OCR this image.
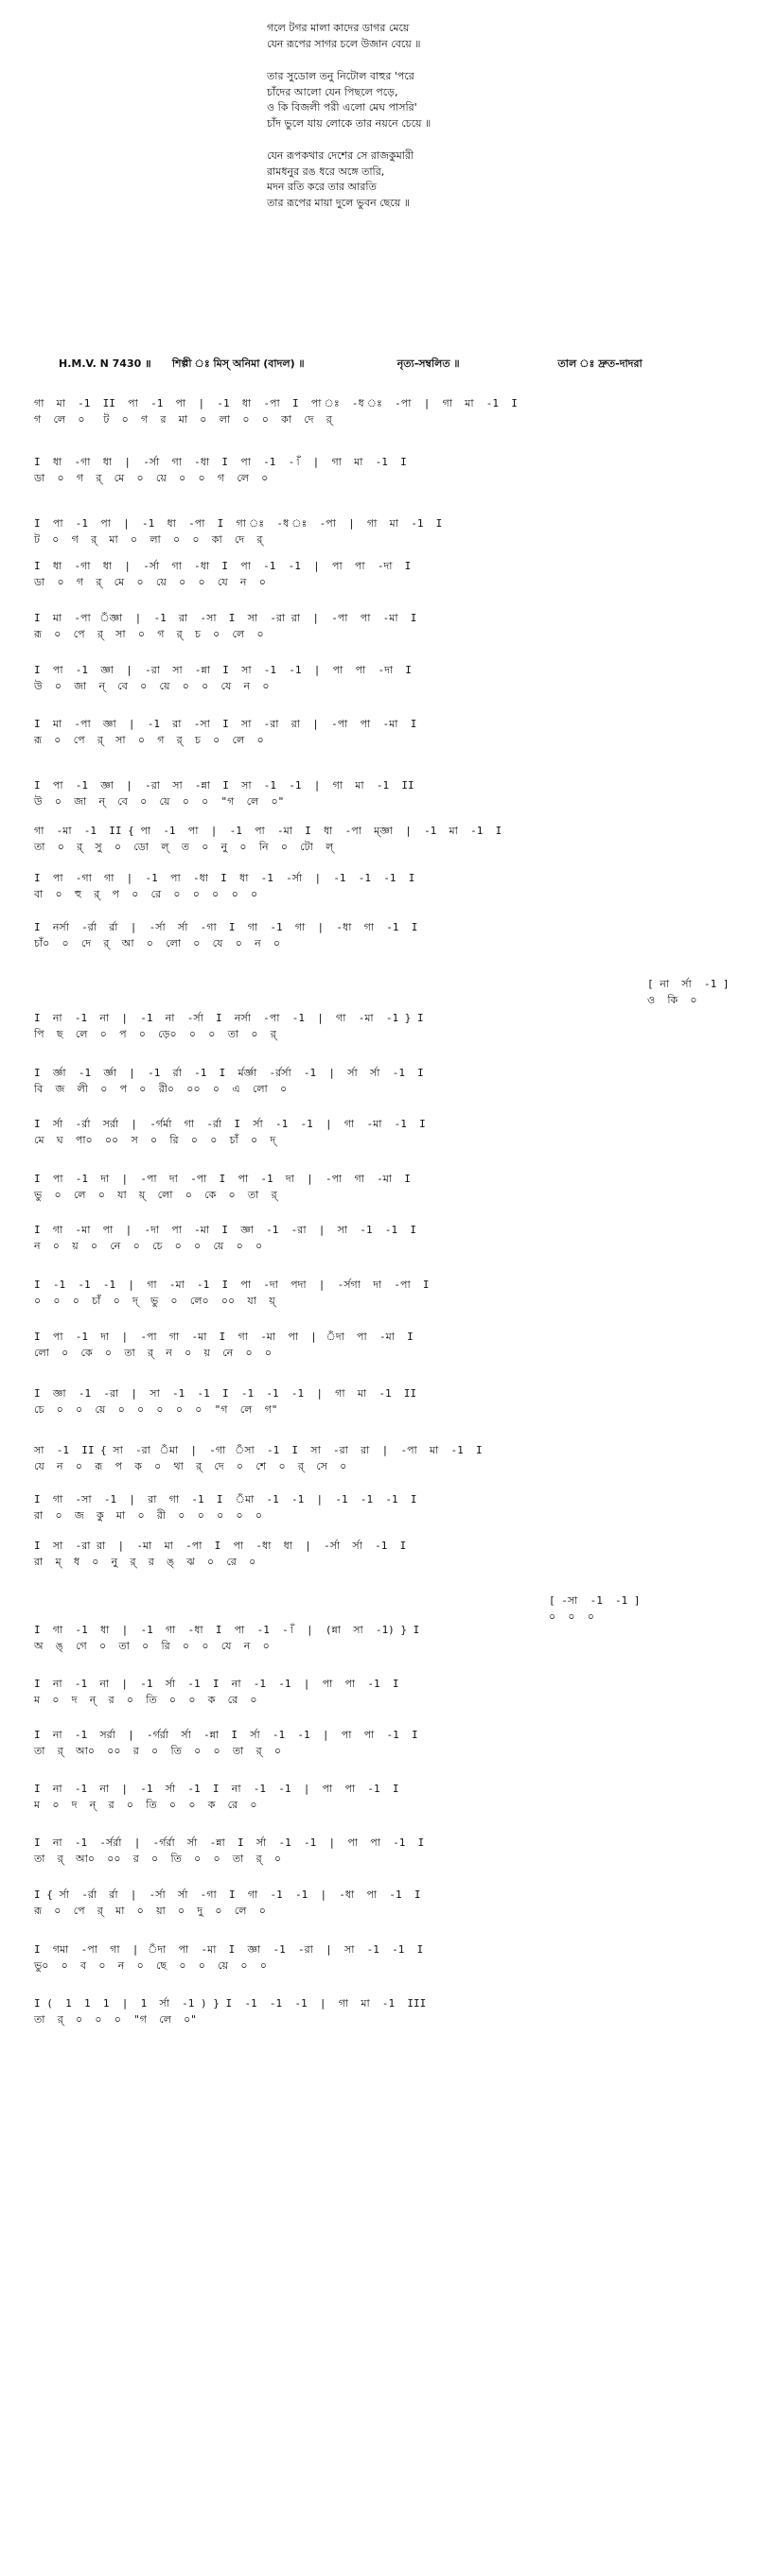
গলে টগর মালা কাদের ডাগর মেয়ে
যেন রূপের সাগর চলে উজান বেয়ে ॥
তার সুডোল তনু নিটোল বাহুর 'পরে
চাঁদের আলো যেন পিছলে পড়ে,
ও কি বিজলী পরী এলো মেঘ পাসরি'
চাঁদ ভুলে যায় লোকে তার নয়নে চেয়ে ॥
যেন রূপকথার দেশের সে রাজকুমারী
রামধনুর রঙ ধরে অঙ্গে তারি,
মদন রতি করে তার আরতি
তার রূপের মায়া দুলে ভুবন ছেয়ে ॥
H.M.V. N 7430 ॥ শিল্পী ঃ মিস্ অনিমা (বাদল) ॥	নৃত্য-সম্বলিত ॥	তাল ঃ দ্রুত-দাদরা
গা  মা  -1  II  পা  -1  পা  |  -1  ধা  -পা  I  পা ঃ  -ধ ঃ  -পা  |  গা  মা  -1  I
গ  লে  ০   ট  ০  গ  র  মা  ০  লা  ০  ০  কা  দে  র্
I  ধা  -গা  ধা  |  -র্সা  গা  -ধা  I  পা  -1  -1ঁ  |  গা  মা  -1  I
ডা  ০  গ  র্  মে  ০  য়ে  ০  ০  গ  লে  ০
I  পা  -1  পা  |  -1  ধা  -পা  I  গা ঃ  -ধ ঃ  -পা  |  গা  মা  -1  I
ট  ০  গ  র্  মা  ০  লা  ০  ০  কা  দে  র্
I  ধা  -গা  ধা  |  -র্সা  গা  -ধা  I  পা  -1  -1  |  পা  পা  -দা  I
ডা  ০  গ  র্  মে  ০  য়ে  ০  ০  যে  ন  ০
I  মা  -পা  ঁজ্ঞা  |  -1  রা  -সা  I  সা  -রা রা  |  -পা  পা  -মা  I
রূ  ০  পে  র্  সা  ০  গ  র্  চ  ০  লে  ০
I  পা  -1  জ্ঞা  |  -রা  সা  -ন্না  I  সা  -1  -1  |  পা  পা  -দা  I
উ  ০  জা  ন্  বে  ০  য়ে  ০  ০  যে  ন  ০
I  মা  -পা  জ্ঞা  |  -1  রা  -সা  I  সা  -রা  রা  |  -পা  পা  -মা  I
রূ  ০  পে  র্  সা  ০  গ  র্  চ  ০  লে  ০
I  পা  -1  জ্ঞা  |  -রা  সা  -ন্না  I  সা  -1  -1  |  গা  মা  -1  II
উ  ০  জা  ন্  বে  ০  য়ে  ০  ০  "গ  লে  ০"
গা  -মা  -1  II { পা  -1  পা  |  -1  পা  -মা  I  ধা  -পা  ম্জ্ঞা  |  -1  মা  -1  I
তা  ০  র্  সু  ০  ডো  ল্  ত  ০  নু  ০  নি  ০  টো  ল্
I  পা  -গা  গা  |  -1  পা  -ধা  I  ধা  -1  -র্সা  |  -1  -1  -1  I
বা  ০  হু  র্  প  ০  রে  ০  ০  ০  ০  ০
I  নর্সা  -র্রা  র্রা  |  -র্সা  র্সা  -গা  I  গা  -1  গা  |  -ধা  গা  -1  I
চাঁ০  ০  দে  র্  আ  ০  লো  ০  যে  ০  ন  ০
[ না  র্সা  -1 ]
ও  কি  ০
I  না  -1  না  |  -1  না  -র্সা  I  নর্সা  -পা  -1  |  গা  -মা  -1 } I
পি  ছ  লে  ০  প  ০  ড়ে০  ০  ০  তা  ০  র্
I  র্জ্ঞা  -1  র্জ্ঞা  |  -1  র্রা  -1  I  র্মর্জ্ঞা  -র্রর্সা  -1  |  র্সা  র্সা  -1  I
বি  জ  লী  ০  প  ০  রী০  ০০  ০  এ  লো  ০
I  র্সা  -র্রা  সর্রা  |  -র্গর্মা  গা  -র্রা  I  র্সা  -1  -1  |  গা  -মা  -1  I
মে  ঘ  পা০  ০০  স  ০  রি  ০  ০  চাঁ  ০  দ্
I  পা  -1  দা  |  -পা  দা  -পা  I  পা  -1  দা  |  -পা  গা  -মা  I
ভু  ০  লে  ০  যা  য়্  লো  ০  কে  ০  তা  র্
I  গা  -মা  পা  |  -দা  পা  -মা  I  জ্ঞা  -1  -রা  |  সা  -1  -1  I
ন  ০  য়  ০  নে  ০  চে  ০  ০  য়ে  ০  ০
I  -1  -1  -1  |  গা  -মা  -1  I  পা  -দা  পদা  |  -র্সগা  দা  -পা  I
০  ০  ০  চাঁ  ০  দ্  ভু  ০  লে০  ০০  যা  য়্
I  পা  -1  দা  |  -পা  গা  -মা  I  গা  -মা  পা  |  ঁদা  পা  -মা  I
লো  ০  কে  ০  তা  র্  ন  ০  য়  নে  ০  ০
I  জ্ঞা  -1  -রা  |  সা  -1  -1  I  -1  -1  -1  |  গা  মা  -1  II
চে  ০  ০  য়ে  ০  ০  ০  ০  ০  "গ  লে  গ"
সা  -1  II { সা  -রা  ঁমা  |  -গা  ঁসা  -1  I  সা  -রা  রা  |  -পা  মা  -1  I
যে  ন  ০  রূ  প  ক  ০  থা  র্  দে  ০  শে  ০  র্  সে  ০
I  গা  -সা  -1  |  রা  গা  -1  I  ঁমা  -1  -1  |  -1  -1  -1  I
রা  ০  জ  কু  মা  ০  রী  ০  ০  ০  ০  ০
I  সা  -রা রা  |  -মা  মা  -পা  I  পা  -ধা  ধা  |  -র্সা  র্সা  -1  I
রা  ম্  ধ  ০  নু  র্  র  ঙ্  ঝ  ০  রে  ০
[ -সা  -1  -1 ]
০  ০  ০
I  গা  -1  ধা  |  -1  গা  -ধা  I  পা  -1  -1ঁ  |  (ন্না  সা  -1) } I
অ  ঙ্  গে  ০  তা  ০  রি  ০  ০  যে  ন  ০
I  না  -1  না  |  -1  র্সা  -1  I  না  -1  -1  |  পা  পা  -1  I
ম  ০  দ  ন্  র  ০  তি  ০  ০  ক  রে  ০
I  না  -1  সর্রা  |  -র্গর্রা  র্সা  -ন্না  I  র্সা  -1  -1  |  পা  পা  -1  I
তা  র্  আ০  ০০  র  ০  তি  ০  ০  তা  র্  ০
I  না  -1  না  |  -1  র্সা  -1  I  না  -1  -1  |  পা  পা  -1  I
ম  ০  দ  ন্  র  ০  তি  ০  ০  ক  রে  ০
I  না  -1  -র্সর্রা  |  -র্গর্রা  র্সা  -ন্না  I  র্সা  -1  -1  |  পা  পা  -1  I
তা  র্  আ০  ০০  র  ০  তি  ০  ০  তা  র্  ০
I { র্সা  -র্রা  র্রা  |  -র্সা  র্সা  -গা  I  গা  -1  -1  |  -ধা  পা  -1  I
রূ  ০  পে  র্  মা  ০  য়া  ০  দু  ০  লে  ০
I  গমা  -পা  গা  |  ঁদা  পা  -মা  I  জ্ঞা  -1  -রা  |  সা  -1  -1  I
ভু০  ০  ব  ০  ন  ০  ছে  ০  ০  য়ে  ০  ০
I (  1  1  1  |  1  র্সা  -1 ) } I  -1  -1  -1  |  গা  মা  -1  III
তা  র্  ০  ০  ০  "গ  লে  ০"
